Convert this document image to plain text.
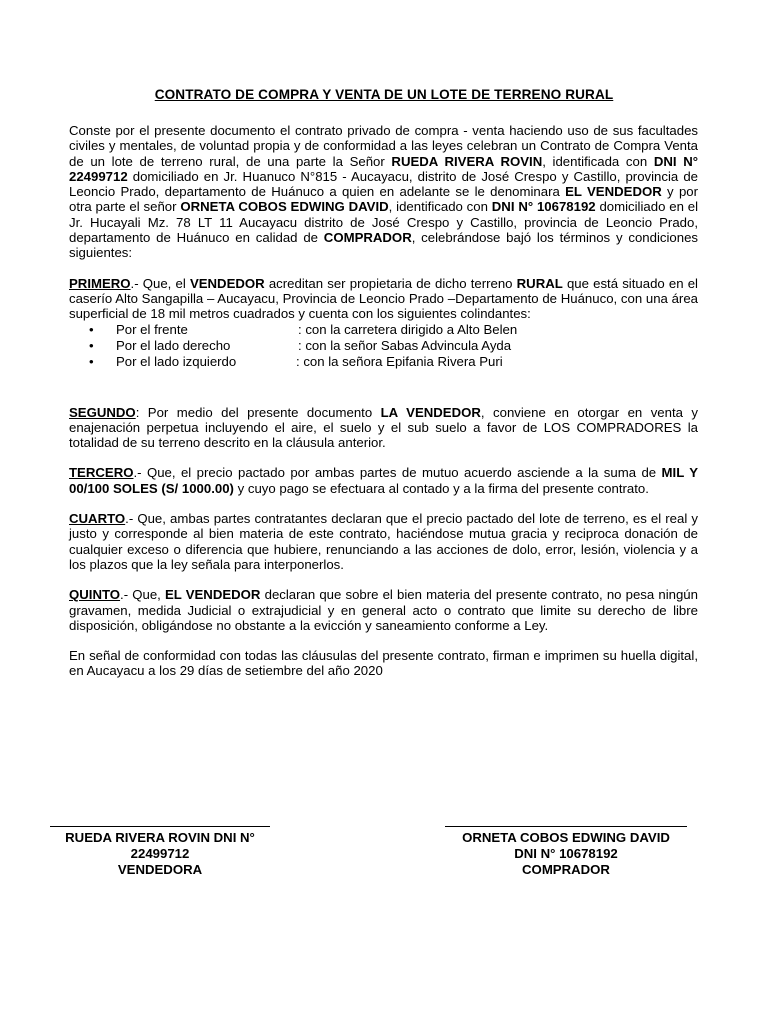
CONTRATO DE COMPRA Y VENTA DE UN LOTE DE TERRENO RURAL

Conste por el presente documento el contrato privado de compra - venta haciendo uso de sus facultades civiles y mentales, de voluntad propia y de conformidad a las leyes celebran un Contrato de Compra Venta de un lote de terreno rural, de una parte la Señor RUEDA RIVERA ROVIN, identificada con DNI N° 22499712 domiciliado en Jr. Huanuco N°815 - Aucayacu, distrito de José Crespo y Castillo, provincia de Leoncio Prado, departamento de Huánuco a quien en adelante se le denominara EL VENDEDOR y por otra parte el señor ORNETA COBOS EDWING DAVID, identificado con DNI N° 10678192 domiciliado en el Jr. Hucayali Mz. 78 LT 11 Aucayacu distrito de José Crespo y Castillo, provincia de Leoncio Prado, departamento de Huánuco en calidad de COMPRADOR, celebrándose bajó los términos y condiciones siguientes:

PRIMERO.- Que, el VENDEDOR acreditan ser propietaria de dicho terreno RURAL que está situado en el caserío Alto Sangapilla – Aucayacu, Provincia de Leoncio Prado –Departamento de Huánuco, con una área superficial de 18 mil metros cuadrados y cuenta con los siguientes colindantes:

• Por el frente	: con la carretera dirigido a Alto Belen
• Por el lado derecho	: con la señor Sabas Advincula Ayda
• Por el lado izquierdo	: con la señora Epifania Rivera Puri

SEGUNDO: Por medio del presente documento LA VENDEDOR, conviene en otorgar en venta y enajenación perpetua incluyendo el aire, el suelo y el sub suelo a favor de LOS COMPRADORES la totalidad de su terreno descrito en la cláusula anterior.

TERCERO.- Que, el precio pactado por ambas partes de mutuo acuerdo asciende a la suma de MIL Y 00/100 SOLES (S/ 1000.00) y cuyo pago se efectuara al contado y a la firma del presente contrato.

CUARTO.- Que, ambas partes contratantes declaran que el precio pactado del lote de terreno, es el real y justo y corresponde al bien materia de este contrato, haciéndose mutua gracia y reciproca donación de cualquier exceso o diferencia que hubiere, renunciando a las acciones de dolo, error, lesión, violencia y a los plazos que la ley señala para interponerlos.

QUINTO.- Que, EL VENDEDOR declaran que sobre el bien materia del presente contrato, no pesa ningún gravamen, medida Judicial o extrajudicial y en general acto o contrato que limite su derecho de libre disposición, obligándose no obstante a la evicción y saneamiento conforme a Ley.

En señal de conformidad con todas las cláusulas del presente contrato, firman e imprimen su huella digital, en Aucayacu a los 29 días de setiembre del año 2020

RUEDA RIVERA ROVIN DNI N°
22499712
VENDEDORA
ORNETA COBOS EDWING DAVID
DNI N° 10678192
COMPRADOR
